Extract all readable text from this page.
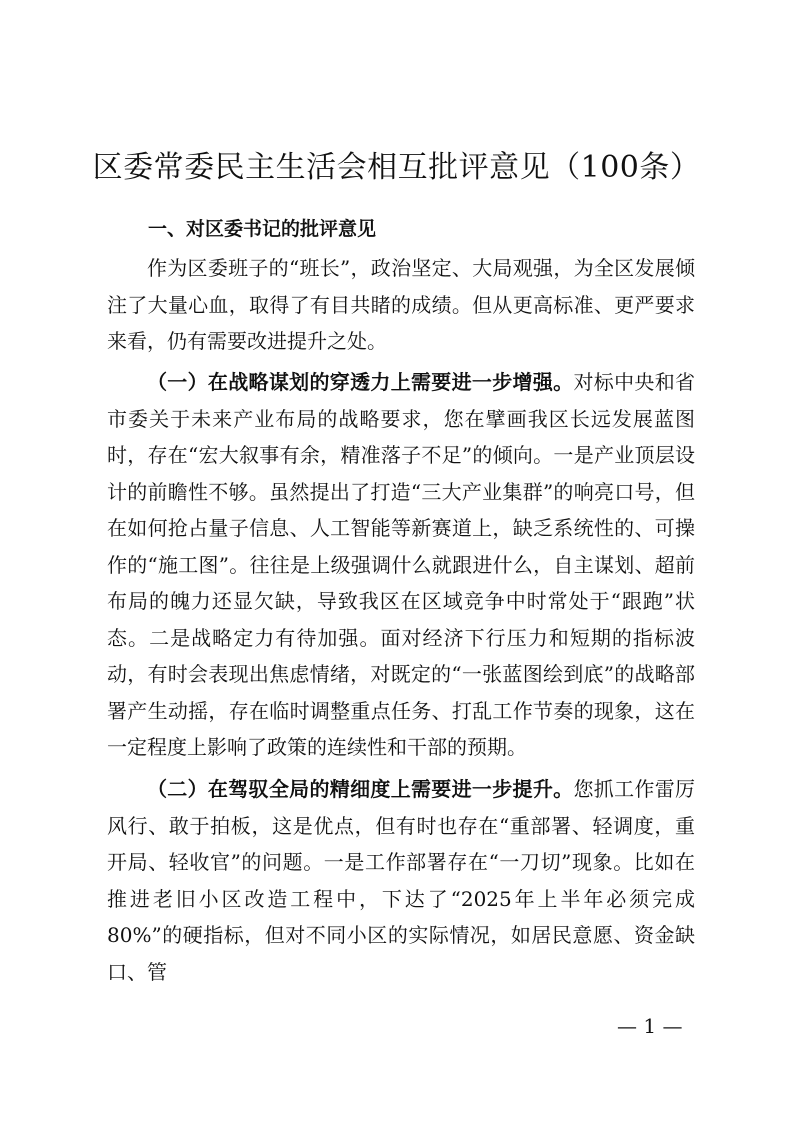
区委常委民主生活会相互批评意见（100条）
一、对区委书记的批评意见

作为区委班子的“班长”，政治坚定、大局观强，为全区发展倾注了大量心血，取得了有目共睹的成绩。但从更高标准、更严要求来看，仍有需要改进提升之处。

（一）在战略谋划的穿透力上需要进一步增强。对标中央和省市委关于未来产业布局的战略要求，您在擘画我区长远发展蓝图时，存在“宏大叙事有余，精准落子不足”的倾向。一是产业顶层设计的前瞻性不够。虽然提出了打造“三大产业集群”的响亮口号，但在如何抢占量子信息、人工智能等新赛道上，缺乏系统性的、可操作的“施工图”。往往是上级强调什么就跟进什么，自主谋划、超前布局的魄力还显欠缺，导致我区在区域竞争中时常处于“跟跑”状态。二是战略定力有待加强。面对经济下行压力和短期的指标波动，有时会表现出焦虑情绪，对既定的“一张蓝图绘到底”的战略部署产生动摇，存在临时调整重点任务、打乱工作节奏的现象，这在一定程度上影响了政策的连续性和干部的预期。

（二）在驾驭全局的精细度上需要进一步提升。您抓工作雷厉风行、敢于拍板，这是优点，但有时也存在“重部署、轻调度，重开局、轻收官”的问题。一是工作部署存在“一刀切”现象。比如在推进老旧小区改造工程中，下达了“2025年上半年必须完成80%”的硬指标，但对不同小区的实际情况，如居民意愿、资金缺口、管

— 1 —
